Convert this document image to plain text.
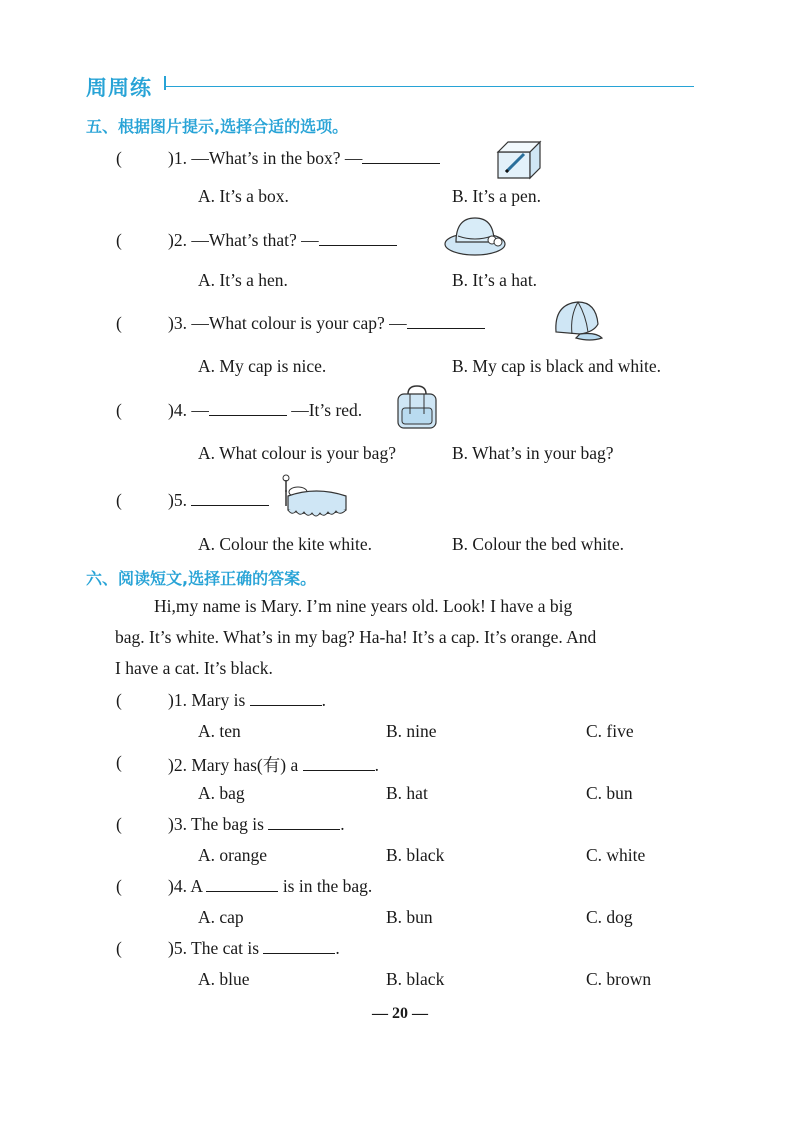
周周练
五、根据图片提示,选择合适的选项。
(	)1. —What’s in the box? —
A. It’s a box.	B. It’s a pen.
(	)2. —What’s that? —
A. It’s a hen.	B. It’s a hat.
(	)3. —What colour is your cap? —
A. My cap is nice.	B. My cap is black and white.
(	)4. —	—It’s red.
A. What colour is your bag?	B. What’s in your bag?
(	)5.
A. Colour the kite white.	B. Colour the bed white.
六、阅读短文,选择正确的答案。
Hi,my name is Mary. I’m nine years old. Look! I have a big
bag. It’s white. What’s in my bag? Ha-ha! It’s a cap. It’s orange. And
I have a cat. It’s black.
(	)1. Mary is	.
A. ten	B. nine	C. five
(	)2. Mary has(有) a	.
A. bag	B. hat	C. bun
(	)3. The bag is	.
A. orange	B. black	C. white
(	)4. A	is in the bag.
A. cap	B. bun	C. dog
(	)5. The cat is	.
A. blue	B. black	C. brown
— 20 —
